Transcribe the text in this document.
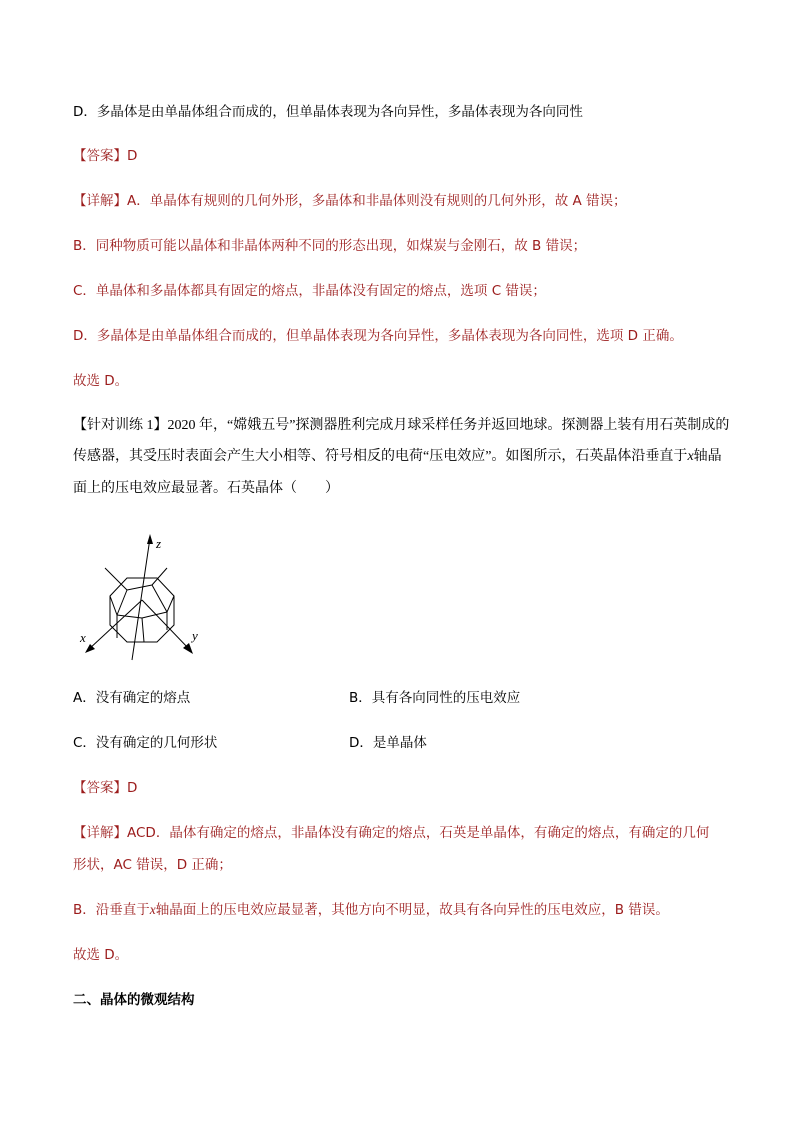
D．多晶体是由单晶体组合而成的，但单晶体表现为各向异性，多晶体表现为各向同性
【答案】D
【详解】A．单晶体有规则的几何外形，多晶体和非晶体则没有规则的几何外形，故 A 错误；
B．同种物质可能以晶体和非晶体两种不同的形态出现，如煤炭与金刚石，故 B 错误；
C．单晶体和多晶体都具有固定的熔点，非晶体没有固定的熔点，选项 C 错误；
D．多晶体是由单晶体组合而成的，但单晶体表现为各向异性，多晶体表现为各向同性，选项 D 正确。
故选 D。
【针对训练 1】2020 年，“嫦娥五号”探测器胜利完成月球采样任务并返回地球。探测器上装有用石英制成的
传感器，其受压时表面会产生大小相等、符号相反的电荷“压电效应”。如图所示，石英晶体沿垂直于x轴晶
面上的压电效应最显著。石英晶体（　　）
z
x	y
A．没有确定的熔点	B．具有各向同性的压电效应
C．没有确定的几何形状	D．是单晶体
【答案】D
【详解】ACD．晶体有确定的熔点，非晶体没有确定的熔点，石英是单晶体，有确定的熔点，有确定的几何
形状，AC 错误，D 正确；
B．沿垂直于x轴晶面上的压电效应最显著，其他方向不明显，故具有各向异性的压电效应，B 错误。
故选 D。
二、晶体的微观结构
